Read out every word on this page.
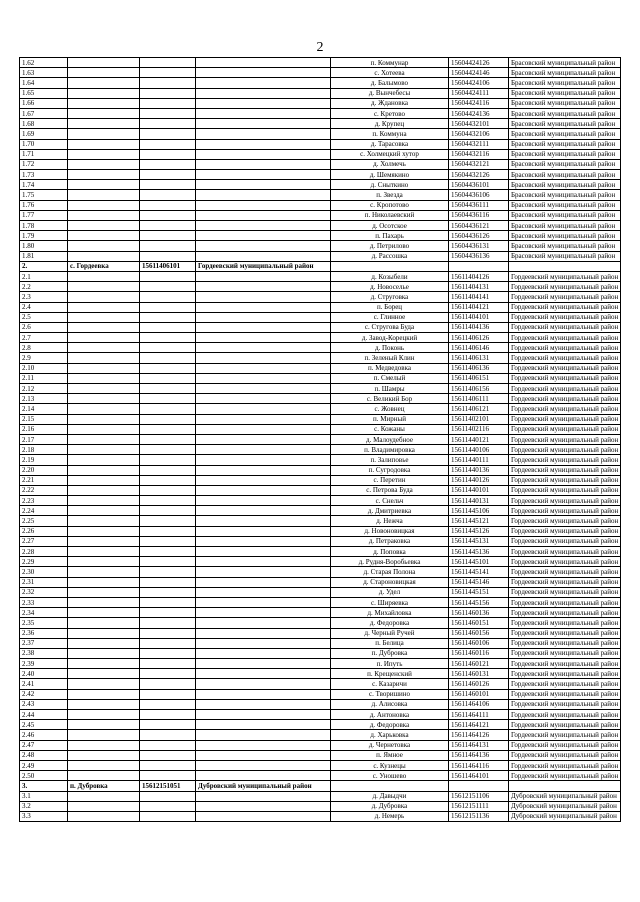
2
1.62				п. Коммунар	15604424126	Брасовский муниципальный район
1.63				с. Хотеева	15604424146	Брасовский муниципальный район
1.64				д. Балымово	15604424106	Брасовский муниципальный район
1.65				д. Вынчебесы	15604424111	Брасовский муниципальный район
1.66				д. Ждановка	15604424116	Брасовский муниципальный район
1.67				с. Кретово	15604424136	Брасовский муниципальный район
1.68				д. Крупец	15604432101	Брасовский муниципальный район
1.69				п. Коммуна	15604432106	Брасовский муниципальный район
1.70				д. Тарасовка	15604432111	Брасовский муниципальный район
1.71				с. Холмецкий хутор	15604432116	Брасовский муниципальный район
1.72				д. Холмечь	15604432121	Брасовский муниципальный район
1.73				д. Шемякино	15604432126	Брасовский муниципальный район
1.74				д. Сныткино	15604436101	Брасовский муниципальный район
1.75				п. Звезда	15604436106	Брасовский муниципальный район
1.76				с. Кропотово	15604436111	Брасовский муниципальный район
1.77				п. Николаевский	15604436116	Брасовский муниципальный район
1.78				д. Осотское	15604436121	Брасовский муниципальный район
1.79				п. Пахарь	15604436126	Брасовский муниципальный район
1.80				д. Петрилово	15604436131	Брасовский муниципальный район
1.81				д. Рассошка	15604436136	Брасовский муниципальный район
2.	с. Гордеевка	15611406101	Гордеевский муниципальный район			
2.1				д. Козыбели	15611404126	Гордеевский муниципальный район
2.2				д. Новоселье	15611404131	Гордеевский муниципальный район
2.3				д. Струговка	15611404141	Гордеевский муниципальный район
2.4				п. Борец	15611404121	Гордеевский муниципальный район
2.5				с. Глинное	15611404101	Гордеевский муниципальный район
2.6				с. Струговa Буда	15611404136	Гордеевский муниципальный район
2.7				д. Завод-Корецкий	15611406126	Гордеевский муниципальный район
2.8				д. Поконь	15611406146	Гордеевский муниципальный район
2.9				п. Зеленый Клин	15611406131	Гордеевский муниципальный район
2.10				п. Медведовка	15611406136	Гордеевский муниципальный район
2.11				п. Смелый	15611406151	Гордеевский муниципальный район
2.12				п. Шамры	15611406156	Гордеевский муниципальный район
2.13				с. Великий Бор	15611406111	Гордеевский муниципальный район
2.14				с. Жовнец	15611406121	Гордеевский муниципальный район
2.15				п. Мирный	15611402101	Гордеевский муниципальный район
2.16				с. Кожаны	15611402116	Гордеевский муниципальный район
2.17				д. Малоудебное	15611440121	Гордеевский муниципальный район
2.18				п. Владимировка	15611440106	Гордеевский муниципальный район
2.19				п. Залиповье	15611440111	Гордеевский муниципальный район
2.20				п. Сугродовка	15611440136	Гордеевский муниципальный район
2.21				с. Перетин	15611440126	Гордеевский муниципальный район
2.22				с. Петрова Буда	15611440101	Гордеевский муниципальный район
2.23				с. Снельч	15611440131	Гордеевский муниципальный район
2.24				д. Дмитриевка	15611445106	Гордеевский муниципальный район
2.25				д. Нежча	15611445121	Гордеевский муниципальный район
2.26				д. Новоновицкая	15611445126	Гордеевский муниципальный район
2.27				д. Петраковка	15611445131	Гордеевский муниципальный район
2.28				д. Поповка	15611445136	Гордеевский муниципальный район
2.29				д. Рудня-Воробьевка	15611445101	Гордеевский муниципальный район
2.30				д. Старая Полона	15611445141	Гордеевский муниципальный район
2.31				д. Староновицкая	15611445146	Гордеевский муниципальный район
2.32				д. Удел	15611445151	Гордеевский муниципальный район
2.33				с. Ширяевка	15611445156	Гордеевский муниципальный район
2.34				д. Михайловка	15611460136	Гордеевский муниципальный район
2.35				д. Федоровка	15611460151	Гордеевский муниципальный район
2.36				д. Черный Ручей	15611460156	Гордеевский муниципальный район
2.37				п. Белица	15611460106	Гордеевский муниципальный район
2.38				п. Дубровка	15611460116	Гордеевский муниципальный район
2.39				п. Ипуть	15611460121	Гордеевский муниципальный район
2.40				п. Крещенский	15611460131	Гордеевский муниципальный район
2.41				с. Казаричи	15611460126	Гордеевский муниципальный район
2.42				с. Творишино	15611460101	Гордеевский муниципальный район
2.43				д. Алисовка	15611464106	Гордеевский муниципальный район
2.44				д. Антоновка	15611464111	Гордеевский муниципальный район
2.45				д. Федоровка	15611464121	Гордеевский муниципальный район
2.46				д. Харьковка	15611464126	Гордеевский муниципальный район
2.47				д. Чернетовка	15611464131	Гордеевский муниципальный район
2.48				п. Ямное	15611464136	Гордеевский муниципальный район
2.49				с. Кузнецы	15611464116	Гордеевский муниципальный район
2.50				с. Уношево	15611464101	Гордеевский муниципальный район
3.	п. Дубровка	15612151051	Дубровский муниципальный район			
3.1				д. Давыдчи	15612151106	Дубровский муниципальный район
3.2				д. Дубровка	15612151111	Дубровский муниципальный район
3.3				д. Немерь	15612151136	Дубровский муниципальный район
